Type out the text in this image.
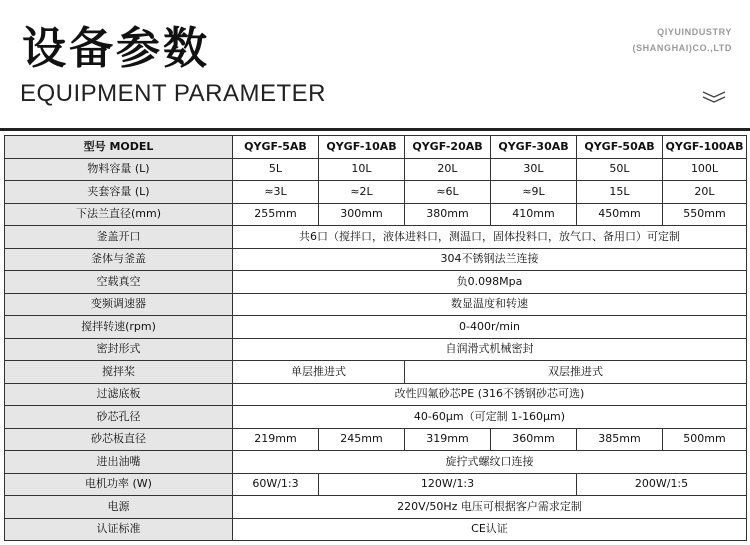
设备参数
EQUIPMENT PARAMETER
QIYUINDUSTRY
(SHANGHAI)CO.,LTD
型号 MODEL	QYGF-5AB	QYGF-10AB	QYGF-20AB	QYGF-30AB	QYGF-50AB	QYGF-100AB
物料容量 (L)	5L	10L	20L	30L	50L	100L
夹套容量 (L)	≈3L	≈2L	≈6L	≈9L	15L	20L
下法兰直径(mm)	255mm	300mm	380mm	410mm	450mm	550mm
釜盖开口	共6口（搅拌口，液体进料口，测温口，固体投料口，放气口、备用口）可定制					
釜体与釜盖	304不锈钢法兰连接					
空载真空	负0.098Mpa					
变频调速器	数显温度和转速					
搅拌转速(rpm)	0-400r/min					
密封形式	自润滑式机械密封					
搅拌桨	单层推进式		双层推进式			
过滤底板	改性四氟砂芯PE (316不锈钢砂芯可选)					
砂芯孔径	40-60μm（可定制 1-160μm)					
砂芯板直径	219mm	245mm	319mm	360mm	385mm	500mm
进出油嘴	旋拧式螺纹口连接					
电机功率 (W)	60W/1:3	120W/1:3			200W/1:5	
电源	220V/50Hz 电压可根据客户需求定制					
认证标准	CE认证					
